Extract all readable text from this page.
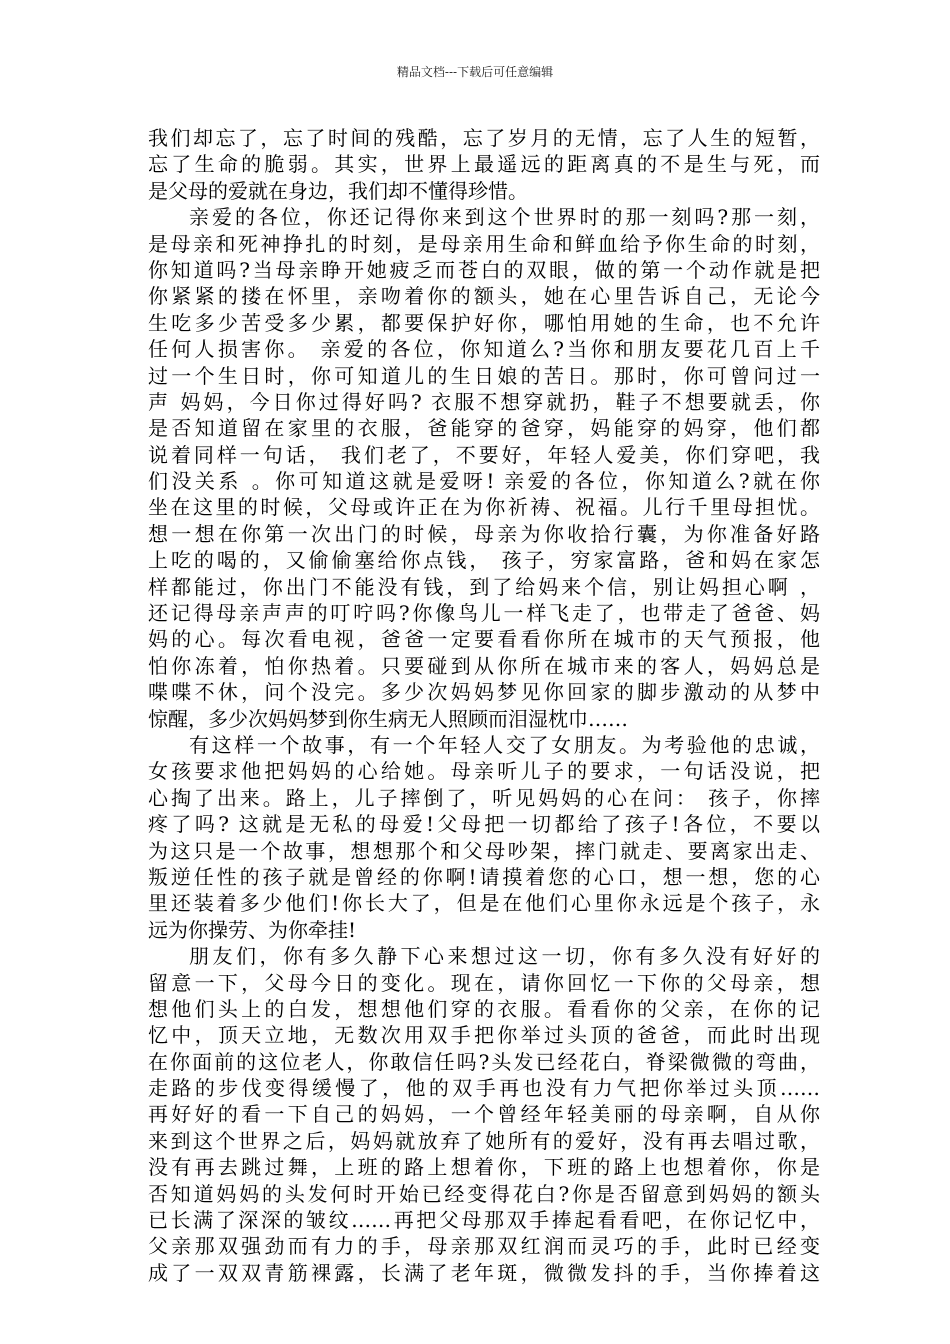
精品文档---下载后可任意编辑
我们却忘了，忘了时间的残酷，忘了岁月的无情，忘了人生的短暂，
忘了生命的脆弱。其实，世界上最遥远的距离真的不是生与死，而
是父母的爱就在身边，我们却不懂得珍惜。
亲爱的各位，你还记得你来到这个世界时的那一刻吗?那一刻，
是母亲和死神挣扎的时刻，是母亲用生命和鲜血给予你生命的时刻，
你知道吗?当母亲睁开她疲乏而苍白的双眼，做的第一个动作就是把
你紧紧的搂在怀里，亲吻着你的额头，她在心里告诉自己，无论今
生吃多少苦受多少累，都要保护好你，哪怕用她的生命，也不允许
任何人损害你。 亲爱的各位，你知道么?当你和朋友要花几百上千
过一个生日时，你可知道儿的生日娘的苦日。那时，你可曾问过一
声 妈妈，今日你过得好吗? 衣服不想穿就扔，鞋子不想要就丢，你
是否知道留在家里的衣服，爸能穿的爸穿，妈能穿的妈穿，他们都
说着同样一句话， 我们老了，不要好，年轻人爱美，你们穿吧，我
们没关系 。你可知道这就是爱呀! 亲爱的各位，你知道么?就在你
坐在这里的时候，父母或许正在为你祈祷、祝福。儿行千里母担忧。
想一想在你第一次出门的时候，母亲为你收拾行囊，为你准备好路
上吃的喝的，又偷偷塞给你点钱， 孩子，穷家富路，爸和妈在家怎
样都能过，你出门不能没有钱，到了给妈来个信，别让妈担心啊 ，
还记得母亲声声的叮咛吗?你像鸟儿一样飞走了，也带走了爸爸、妈
妈的心。每次看电视，爸爸一定要看看你所在城市的天气预报，他
怕你冻着，怕你热着。只要碰到从你所在城市来的客人，妈妈总是
喋喋不休，问个没完。多少次妈妈梦见你回家的脚步激动的从梦中
惊醒，多少次妈妈梦到你生病无人照顾而泪湿枕巾……
有这样一个故事，有一个年轻人交了女朋友。为考验他的忠诚，
女孩要求他把妈妈的心给她。母亲听儿子的要求，一句话没说，把
心掏了出来。路上，儿子摔倒了，听见妈妈的心在问： 孩子，你摔
疼了吗? 这就是无私的母爱!父母把一切都给了孩子!各位，不要以
为这只是一个故事，想想那个和父母吵架，摔门就走、要离家出走、
叛逆任性的孩子就是曾经的你啊!请摸着您的心口，想一想，您的心
里还装着多少他们!你长大了，但是在他们心里你永远是个孩子，永
远为你操劳、为你牵挂!
朋友们，你有多久静下心来想过这一切，你有多久没有好好的
留意一下，父母今日的变化。现在，请你回忆一下你的父母亲，想
想他们头上的白发，想想他们穿的衣服。看看你的父亲，在你的记
忆中，顶天立地，无数次用双手把你举过头顶的爸爸，而此时出现
在你面前的这位老人，你敢信任吗?头发已经花白，脊梁微微的弯曲，
走路的步伐变得缓慢了，他的双手再也没有力气把你举过头顶……
再好好的看一下自己的妈妈，一个曾经年轻美丽的母亲啊，自从你
来到这个世界之后，妈妈就放弃了她所有的爱好，没有再去唱过歌，
没有再去跳过舞，上班的路上想着你，下班的路上也想着你，你是
否知道妈妈的头发何时开始已经变得花白?你是否留意到妈妈的额头
已长满了深深的皱纹……再把父母那双手捧起看看吧，在你记忆中，
父亲那双强劲而有力的手，母亲那双红润而灵巧的手，此时已经变
成了一双双青筋裸露，长满了老年斑，微微发抖的手，当你捧着这
